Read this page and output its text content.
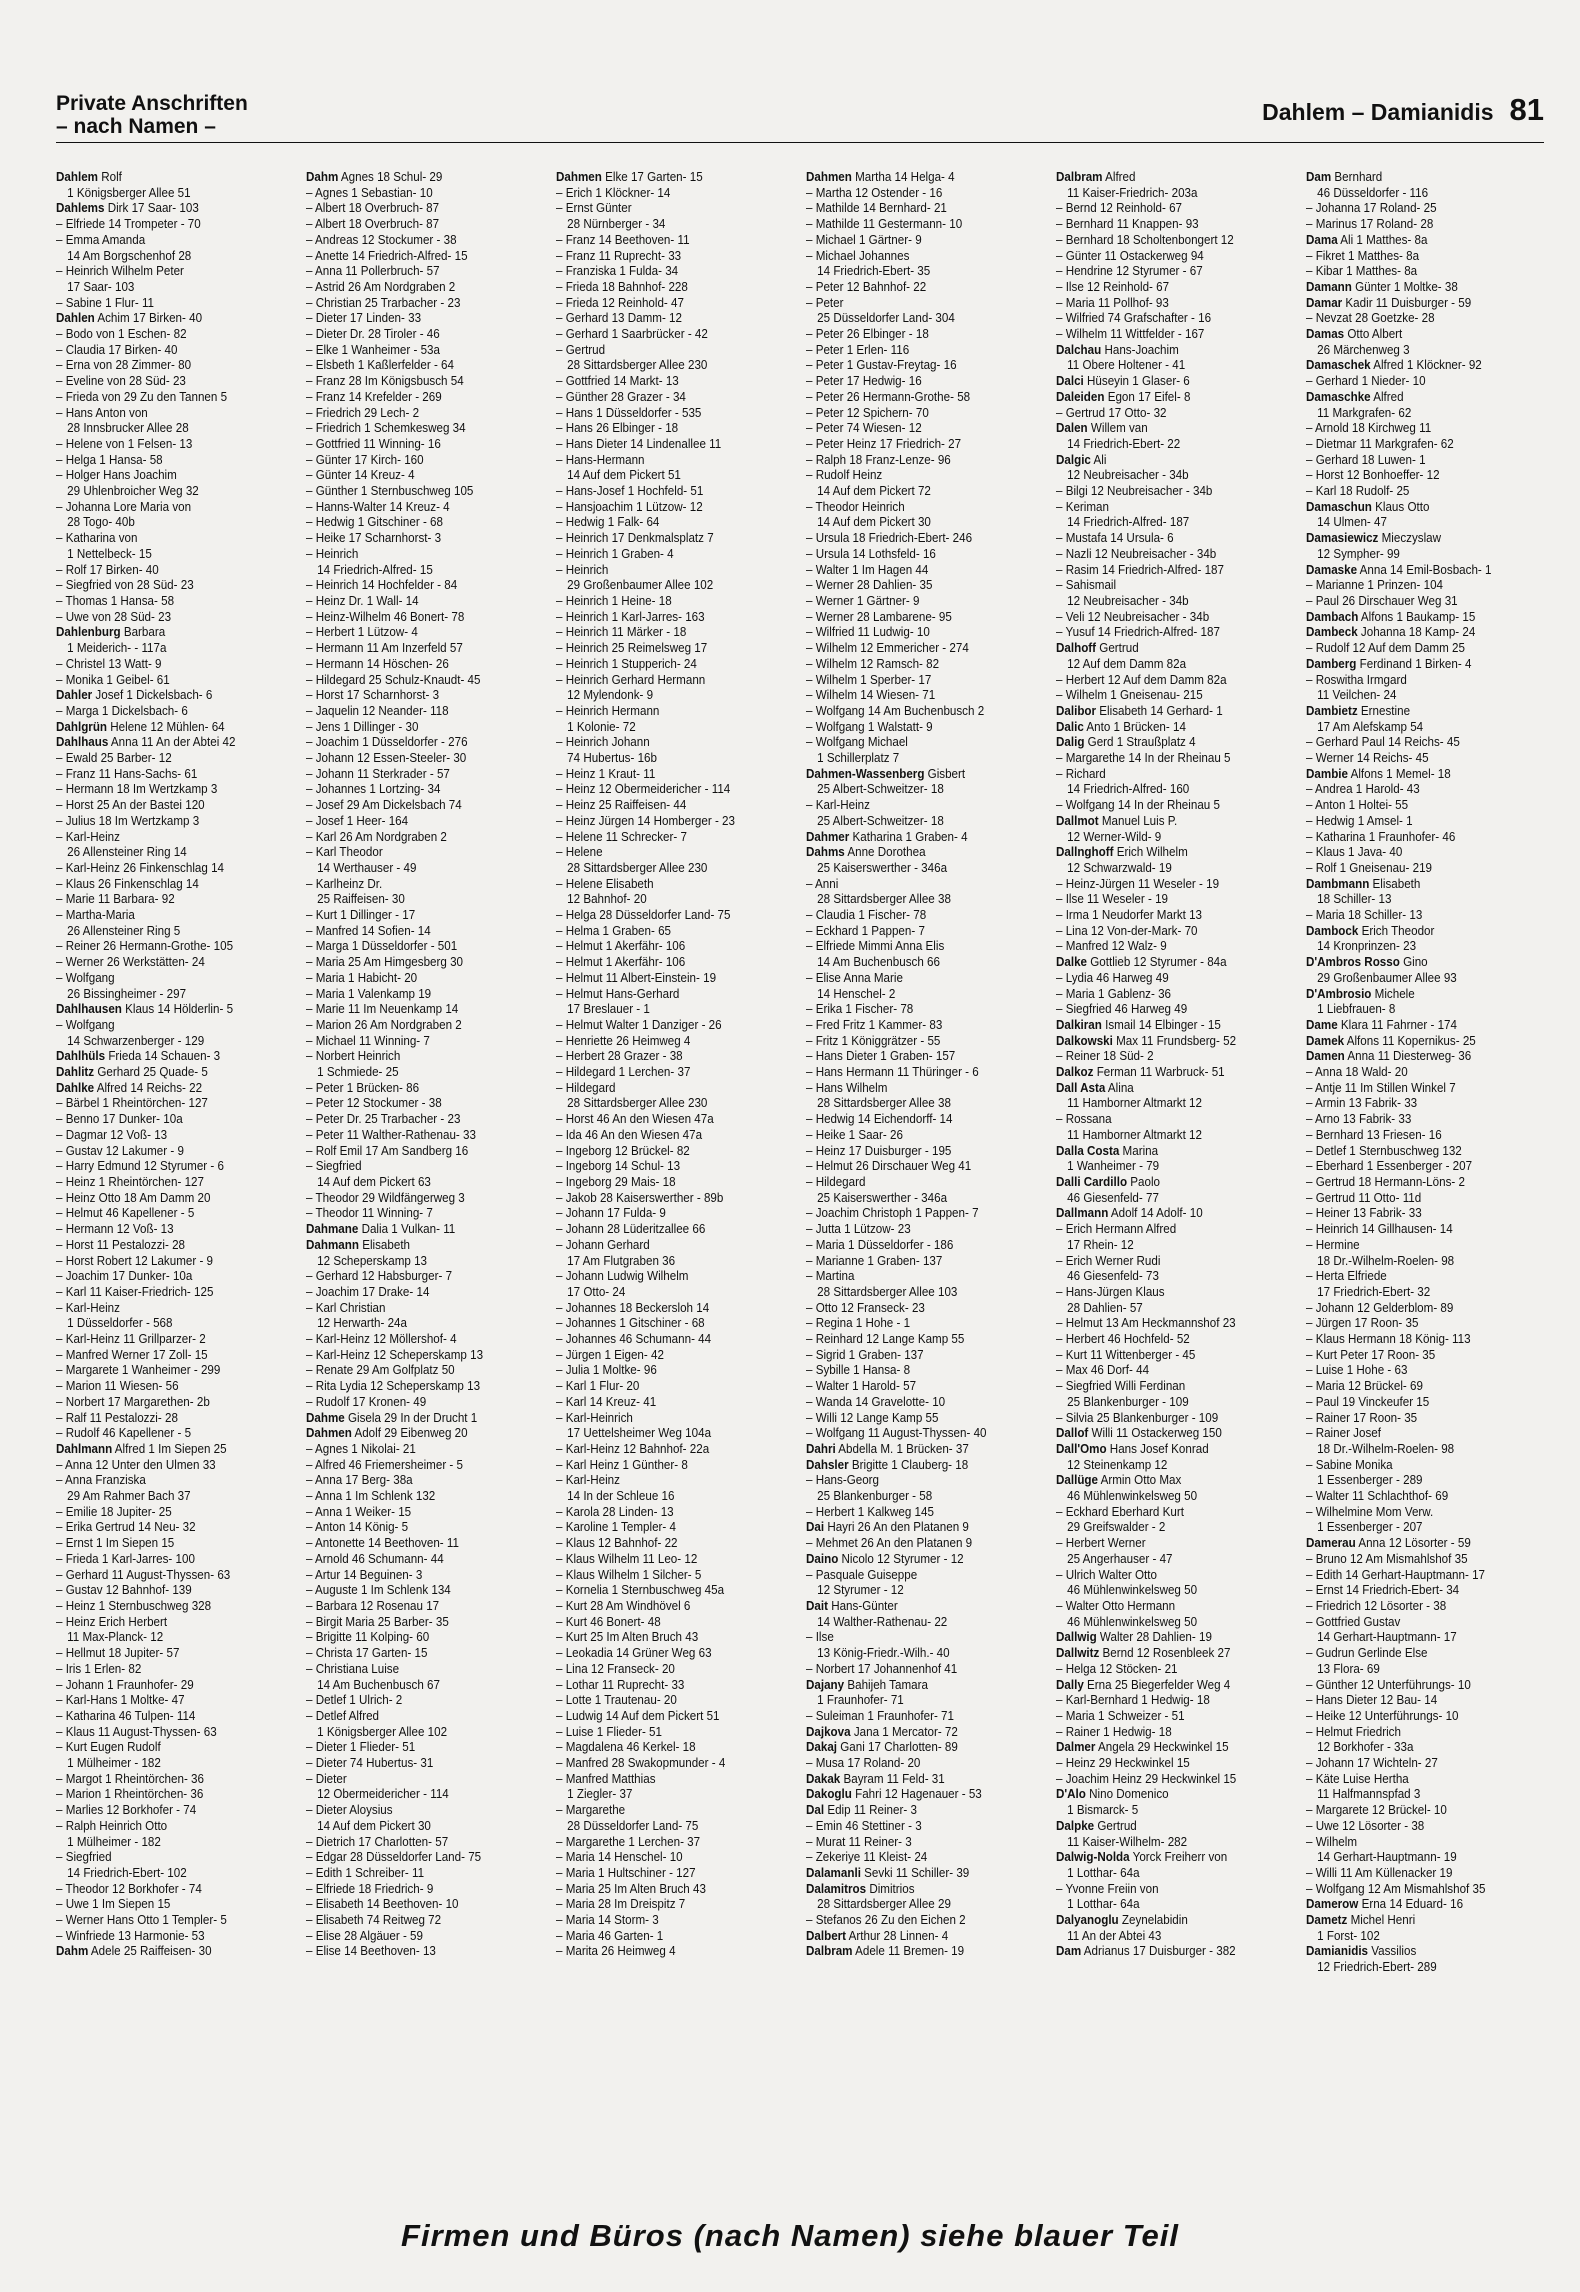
Private Anschriften
– nach Namen –
Dahlem – Damianidis 81
Dahlem Rolf
1 Königsberger Allee 51
Dahlems Dirk 17 Saar- 103
– Elfriede 14 Trompeter - 70
– Emma Amanda
14 Am Borgschenhof 28
– Heinrich Wilhelm Peter
17 Saar- 103
– Sabine 1 Flur- 11
Dahlen Achim 17 Birken- 40
– Bodo von 1 Eschen- 82
– Claudia 17 Birken- 40
– Erna von 28 Zimmer- 80
– Eveline von 28 Süd- 23
– Frieda von 29 Zu den Tannen 5
– Hans Anton von
28 Innsbrucker Allee 28
– Helene von 1 Felsen- 13
– Helga 1 Hansa- 58
– Holger Hans Joachim
29 Uhlenbroicher Weg 32
– Johanna Lore Maria von
28 Togo- 40b
– Katharina von
1 Nettelbeck- 15
– Rolf 17 Birken- 40
– Siegfried von 28 Süd- 23
– Thomas 1 Hansa- 58
– Uwe von 28 Süd- 23
Dahlenburg Barbara
1 Meiderich- - 117a
– Christel 13 Watt- 9
– Monika 1 Geibel- 61
Dahler Josef 1 Dickelsbach- 6
– Marga 1 Dickelsbach- 6
Dahlgrün Helene 12 Mühlen- 64
Dahlhaus Anna 11 An der Abtei 42
– Ewald 25 Barber- 12
– Franz 11 Hans-Sachs- 61
– Hermann 18 Im Wertzkamp 3
– Horst 25 An der Bastei 120
– Julius 18 Im Wertzkamp 3
– Karl-Heinz
26 Allensteiner Ring 14
– Karl-Heinz 26 Finkenschlag 14
– Klaus 26 Finkenschlag 14
– Marie 11 Barbara- 92
– Martha-Maria
26 Allensteiner Ring 5
– Reiner 26 Hermann-Grothe- 105
– Werner 26 Werkstätten- 24
– Wolfgang
26 Bissingheimer - 297
Dahlhausen Klaus 14 Hölderlin- 5
– Wolfgang
14 Schwarzenberger - 129
Dahlhüls Frieda 14 Schauen- 3
Dahlitz Gerhard 25 Quade- 5
Dahlke Alfred 14 Reichs- 22
– Bärbel 1 Rheintörchen- 127
– Benno 17 Dunker- 10a
– Dagmar 12 Voß- 13
– Gustav 12 Lakumer - 9
– Harry Edmund 12 Styrumer - 6
– Heinz 1 Rheintörchen- 127
– Heinz Otto 18 Am Damm 20
– Helmut 46 Kapellener - 5
– Hermann 12 Voß- 13
– Horst 11 Pestalozzi- 28
– Horst Robert 12 Lakumer - 9
– Joachim 17 Dunker- 10a
– Karl 11 Kaiser-Friedrich- 125
– Karl-Heinz
1 Düsseldorfer - 568
– Karl-Heinz 11 Grillparzer- 2
– Manfred Werner 17 Zoll- 15
– Margarete 1 Wanheimer - 299
– Marion 11 Wiesen- 56
– Norbert 17 Margarethen- 2b
– Ralf 11 Pestalozzi- 28
– Rudolf 46 Kapellener - 5
Dahlmann Alfred 1 Im Siepen 25
– Anna 12 Unter den Ulmen 33
– Anna Franziska
29 Am Rahmer Bach 37
– Emilie 18 Jupiter- 25
– Erika Gertrud 14 Neu- 32
– Ernst 1 Im Siepen 15
– Frieda 1 Karl-Jarres- 100
– Gerhard 11 August-Thyssen- 63
– Gustav 12 Bahnhof- 139
– Heinz 1 Sternbuschweg 328
– Heinz Erich Herbert
11 Max-Planck- 12
– Hellmut 18 Jupiter- 57
– Iris 1 Erlen- 82
– Johann 1 Fraunhofer- 29
– Karl-Hans 1 Moltke- 47
– Katharina 46 Tulpen- 114
– Klaus 11 August-Thyssen- 63
– Kurt Eugen Rudolf
1 Mülheimer - 182
– Margot 1 Rheintörchen- 36
– Marion 1 Rheintörchen- 36
– Marlies 12 Borkhofer - 74
– Ralph Heinrich Otto
1 Mülheimer - 182
– Siegfried
14 Friedrich-Ebert- 102
– Theodor 12 Borkhofer - 74
– Uwe 1 Im Siepen 15
– Werner Hans Otto 1 Templer- 5
– Winfriede 13 Harmonie- 53
Dahm Adele 25 Raiffeisen- 30
Dahm Agnes 18 Schul- 29
– Agnes 1 Sebastian- 10
– Albert 18 Overbruch- 87
– Albert 18 Overbruch- 87
– Andreas 12 Stockumer - 38
– Anette 14 Friedrich-Alfred- 15
– Anna 11 Pollerbruch- 57
– Astrid 26 Am Nordgraben 2
– Christian 25 Trarbacher - 23
– Dieter 17 Linden- 33
– Dieter Dr. 28 Tiroler - 46
– Elke 1 Wanheimer - 53a
– Elsbeth 1 Kaßlerfelder - 64
– Franz 28 Im Königsbusch 54
– Franz 14 Krefelder - 269
– Friedrich 29 Lech- 2
– Friedrich 1 Schemkesweg 34
– Gottfried 11 Winning- 16
– Günter 17 Kirch- 160
– Günter 14 Kreuz- 4
– Günther 1 Sternbuschweg 105
– Hanns-Walter 14 Kreuz- 4
– Hedwig 1 Gitschiner - 68
– Heike 17 Scharnhorst- 3
– Heinrich
14 Friedrich-Alfred- 15
– Heinrich 14 Hochfelder - 84
– Heinz Dr. 1 Wall- 14
– Heinz-Wilhelm 46 Bonert- 78
– Herbert 1 Lützow- 4
– Hermann 11 Am Inzerfeld 57
– Hermann 14 Höschen- 26
– Hildegard 25 Schulz-Knaudt- 45
– Horst 17 Scharnhorst- 3
– Jaquelin 12 Neander- 118
– Jens 1 Dillinger - 30
– Joachim 1 Düsseldorfer - 276
– Johann 12 Essen-Steeler- 30
– Johann 11 Sterkrader - 57
– Johannes 1 Lortzing- 34
– Josef 29 Am Dickelsbach 74
– Josef 1 Heer- 164
– Karl 26 Am Nordgraben 2
– Karl Theodor
14 Werthauser - 49
– Karlheinz Dr.
25 Raiffeisen- 30
– Kurt 1 Dillinger - 17
– Manfred 14 Sofien- 14
– Marga 1 Düsseldorfer - 501
– Maria 25 Am Himgesberg 30
– Maria 1 Habicht- 20
– Maria 1 Valenkamp 19
– Marie 11 Im Neuenkamp 14
– Marion 26 Am Nordgraben 2
– Michael 11 Winning- 7
– Norbert Heinrich
1 Schmiede- 25
– Peter 1 Brücken- 86
– Peter 12 Stockumer - 38
– Peter Dr. 25 Trarbacher - 23
– Peter 11 Walther-Rathenau- 33
– Rolf Emil 17 Am Sandberg 16
– Siegfried
14 Auf dem Pickert 63
– Theodor 29 Wildfängerweg 3
– Theodor 11 Winning- 7
Dahmane Dalia 1 Vulkan- 11
Dahmann Elisabeth
12 Scheperskamp 13
– Gerhard 12 Habsburger- 7
– Joachim 17 Drake- 14
– Karl Christian
12 Herwarth- 24a
– Karl-Heinz 12 Möllershof- 4
– Karl-Heinz 12 Scheperskamp 13
– Renate 29 Am Golfplatz 50
– Rita Lydia 12 Scheperskamp 13
– Rudolf 17 Kronen- 49
Dahme Gisela 29 In der Drucht 1
Dahmen Adolf 29 Eibenweg 20
– Agnes 1 Nikolai- 21
– Alfred 46 Friemersheimer - 5
– Anna 17 Berg- 38a
– Anna 1 Im Schlenk 132
– Anna 1 Weiker- 15
– Anton 14 König- 5
– Antonette 14 Beethoven- 11
– Arnold 46 Schumann- 44
– Artur 14 Beguinen- 3
– Auguste 1 Im Schlenk 134
– Barbara 12 Rosenau 17
– Birgit Maria 25 Barber- 35
– Brigitte 11 Kolping- 60
– Christa 17 Garten- 15
– Christiana Luise
14 Am Buchenbusch 67
– Detlef 1 Ulrich- 2
– Detlef Alfred
1 Königsberger Allee 102
– Dieter 1 Flieder- 51
– Dieter 74 Hubertus- 31
– Dieter
12 Obermeidericher - 114
– Dieter Aloysius
14 Auf dem Pickert 30
– Dietrich 17 Charlotten- 57
– Edgar 28 Düsseldorfer Land- 75
– Edith 1 Schreiber- 11
– Elfriede 18 Friedrich- 9
– Elisabeth 14 Beethoven- 10
– Elisabeth 74 Reitweg 72
– Elise 28 Algäuer - 59
– Elise 14 Beethoven- 13
Dahmen Elke 17 Garten- 15
– Erich 1 Klöckner- 14
– Ernst Günter
28 Nürnberger - 34
– Franz 14 Beethoven- 11
– Franz 11 Ruprecht- 33
– Franziska 1 Fulda- 34
– Frieda 18 Bahnhof- 228
– Frieda 12 Reinhold- 47
– Gerhard 13 Damm- 12
– Gerhard 1 Saarbrücker - 42
– Gertrud
28 Sittardsberger Allee 230
– Gottfried 14 Markt- 13
– Günther 28 Grazer - 34
– Hans 1 Düsseldorfer - 535
– Hans 26 Elbinger - 18
– Hans Dieter 14 Lindenallee 11
– Hans-Hermann
14 Auf dem Pickert 51
– Hans-Josef 1 Hochfeld- 51
– Hansjoachim 1 Lützow- 12
– Hedwig 1 Falk- 64
– Heinrich 17 Denkmalsplatz 7
– Heinrich 1 Graben- 4
– Heinrich
29 Großenbaumer Allee 102
– Heinrich 1 Heine- 18
– Heinrich 1 Karl-Jarres- 163
– Heinrich 11 Märker - 18
– Heinrich 25 Reimelsweg 17
– Heinrich 1 Stupperich- 24
– Heinrich Gerhard Hermann
12 Mylendonk- 9
– Heinrich Hermann
1 Kolonie- 72
– Heinrich Johann
74 Hubertus- 16b
– Heinz 1 Kraut- 11
– Heinz 12 Obermeidericher - 114
– Heinz 25 Raiffeisen- 44
– Heinz Jürgen 14 Homberger - 23
– Helene 11 Schrecker- 7
– Helene
28 Sittardsberger Allee 230
– Helene Elisabeth
12 Bahnhof- 20
– Helga 28 Düsseldorfer Land- 75
– Helma 1 Graben- 65
– Helmut 1 Akerfähr- 106
– Helmut 1 Akerfähr- 106
– Helmut 11 Albert-Einstein- 19
– Helmut Hans-Gerhard
17 Breslauer - 1
– Helmut Walter 1 Danziger - 26
– Henriette 26 Heimweg 4
– Herbert 28 Grazer - 38
– Hildegard 1 Lerchen- 37
– Hildegard
28 Sittardsberger Allee 230
– Horst 46 An den Wiesen 47a
– Ida 46 An den Wiesen 47a
– Ingeborg 12 Brückel- 82
– Ingeborg 14 Schul- 13
– Ingeborg 29 Mais- 18
– Jakob 28 Kaiserswerther - 89b
– Johann 17 Fulda- 9
– Johann 28 Lüderitzallee 66
– Johann Gerhard
17 Am Flutgraben 36
– Johann Ludwig Wilhelm
17 Otto- 24
– Johannes 18 Beckersloh 14
– Johannes 1 Gitschiner - 68
– Johannes 46 Schumann- 44
– Jürgen 1 Eigen- 42
– Julia 1 Moltke- 96
– Karl 1 Flur- 20
– Karl 14 Kreuz- 41
– Karl-Heinrich
17 Uettelsheimer Weg 104a
– Karl-Heinz 12 Bahnhof- 22a
– Karl Heinz 1 Günther- 8
– Karl-Heinz
14 In der Schleue 16
– Karola 28 Linden- 13
– Karoline 1 Templer- 4
– Klaus 12 Bahnhof- 22
– Klaus Wilhelm 11 Leo- 12
– Klaus Wilhelm 1 Silcher- 5
– Kornelia 1 Sternbuschweg 45a
– Kurt 28 Am Windhövel 6
– Kurt 46 Bonert- 48
– Kurt 25 Im Alten Bruch 43
– Leokadia 14 Grüner Weg 63
– Lina 12 Franseck- 20
– Lothar 11 Ruprecht- 33
– Lotte 1 Trautenau- 20
– Ludwig 14 Auf dem Pickert 51
– Luise 1 Flieder- 51
– Magdalena 46 Kerkel- 18
– Manfred 28 Swakopmunder - 4
– Manfred Matthias
1 Ziegler- 37
– Margarethe
28 Düsseldorfer Land- 75
– Margarethe 1 Lerchen- 37
– Maria 14 Henschel- 10
– Maria 1 Hultschiner - 127
– Maria 25 Im Alten Bruch 43
– Maria 28 Im Dreispitz 7
– Maria 14 Storm- 3
– Maria 46 Garten- 1
– Marita 26 Heimweg 4
Dahmen Martha 14 Helga- 4
– Martha 12 Ostender - 16
– Mathilde 14 Bernhard- 21
– Mathilde 11 Gestermann- 10
– Michael 1 Gärtner- 9
– Michael Johannes
14 Friedrich-Ebert- 35
– Peter 12 Bahnhof- 22
– Peter
25 Düsseldorfer Land- 304
– Peter 26 Elbinger - 18
– Peter 1 Erlen- 116
– Peter 1 Gustav-Freytag- 16
– Peter 17 Hedwig- 16
– Peter 26 Hermann-Grothe- 58
– Peter 12 Spichern- 70
– Peter 74 Wiesen- 12
– Peter Heinz 17 Friedrich- 27
– Ralph 18 Franz-Lenze- 96
– Rudolf Heinz
14 Auf dem Pickert 72
– Theodor Heinrich
14 Auf dem Pickert 30
– Ursula 18 Friedrich-Ebert- 246
– Ursula 14 Lothsfeld- 16
– Walter 1 Im Hagen 44
– Werner 28 Dahlien- 35
– Werner 1 Gärtner- 9
– Werner 28 Lambarene- 95
– Wilfried 11 Ludwig- 10
– Wilhelm 12 Emmericher - 274
– Wilhelm 12 Ramsch- 82
– Wilhelm 1 Sperber- 17
– Wilhelm 14 Wiesen- 71
– Wolfgang 14 Am Buchenbusch 2
– Wolfgang 1 Walstatt- 9
– Wolfgang Michael
1 Schillerplatz 7
Dahmen-Wassenberg Gisbert
25 Albert-Schweitzer- 18
– Karl-Heinz
25 Albert-Schweitzer- 18
Dahmer Katharina 1 Graben- 4
Dahms Anne Dorothea
25 Kaiserswerther - 346a
– Anni
28 Sittardsberger Allee 38
– Claudia 1 Fischer- 78
– Eckhard 1 Pappen- 7
– Elfriede Mimmi Anna Elis
14 Am Buchenbusch 66
– Elise Anna Marie
14 Henschel- 2
– Erika 1 Fischer- 78
– Fred Fritz 1 Kammer- 83
– Fritz 1 Königgrätzer - 55
– Hans Dieter 1 Graben- 157
– Hans Hermann 11 Thüringer - 6
– Hans Wilhelm
28 Sittardsberger Allee 38
– Hedwig 14 Eichendorff- 14
– Heike 1 Saar- 26
– Heinz 17 Duisburger - 195
– Helmut 26 Dirschauer Weg 41
– Hildegard
25 Kaiserswerther - 346a
– Joachim Christoph 1 Pappen- 7
– Jutta 1 Lützow- 23
– Maria 1 Düsseldorfer - 186
– Marianne 1 Graben- 137
– Martina
28 Sittardsberger Allee 103
– Otto 12 Franseck- 23
– Regina 1 Hohe - 1
– Reinhard 12 Lange Kamp 55
– Sigrid 1 Graben- 137
– Sybille 1 Hansa- 8
– Walter 1 Harold- 57
– Wanda 14 Gravelotte- 10
– Willi 12 Lange Kamp 55
– Wolfgang 11 August-Thyssen- 40
Dahri Abdella M. 1 Brücken- 37
Dahsler Brigitte 1 Clauberg- 18
– Hans-Georg
25 Blankenburger - 58
– Herbert 1 Kalkweg 145
Dai Hayri 26 An den Platanen 9
– Mehmet 26 An den Platanen 9
Daino Nicolo 12 Styrumer - 12
– Pasquale Guiseppe
12 Styrumer - 12
Dait Hans-Günter
14 Walther-Rathenau- 22
– Ilse
13 König-Friedr.-Wilh.- 40
– Norbert 17 Johannenhof 41
Dajany Bahijeh Tamara
1 Fraunhofer- 71
– Suleiman 1 Fraunhofer- 71
Dajkova Jana 1 Mercator- 72
Dakaj Gani 17 Charlotten- 89
– Musa 17 Roland- 20
Dakak Bayram 11 Feld- 31
Dakoglu Fahri 12 Hagenauer - 53
Dal Edip 11 Reiner- 3
– Emin 46 Stettiner - 3
– Murat 11 Reiner- 3
– Zekeriye 11 Kleist- 24
Dalamanli Sevki 11 Schiller- 39
Dalamitros Dimitrios
28 Sittardsberger Allee 29
– Stefanos 26 Zu den Eichen 2
Dalbert Arthur 28 Linnen- 4
Dalbram Adele 11 Bremen- 19
Dalbram Alfred
11 Kaiser-Friedrich- 203a
– Bernd 12 Reinhold- 67
– Bernhard 11 Knappen- 93
– Bernhard 18 Scholtenbongert 12
– Günter 11 Ostackerweg 94
– Hendrine 12 Styrumer - 67
– Ilse 12 Reinhold- 67
– Maria 11 Pollhof- 93
– Wilfried 74 Grafschafter - 16
– Wilhelm 11 Wittfelder - 167
Dalchau Hans-Joachim
11 Obere Holtener - 41
Dalci Hüseyin 1 Glaser- 6
Daleiden Egon 17 Eifel- 8
– Gertrud 17 Otto- 32
Dalen Willem van
14 Friedrich-Ebert- 22
Dalgic Ali
12 Neubreisacher - 34b
– Bilgi 12 Neubreisacher - 34b
– Keriman
14 Friedrich-Alfred- 187
– Mustafa 14 Ursula- 6
– Nazli 12 Neubreisacher - 34b
– Rasim 14 Friedrich-Alfred- 187
– Sahismail
12 Neubreisacher - 34b
– Veli 12 Neubreisacher - 34b
– Yusuf 14 Friedrich-Alfred- 187
Dalhoff Gertrud
12 Auf dem Damm 82a
– Herbert 12 Auf dem Damm 82a
– Wilhelm 1 Gneisenau- 215
Dalibor Elisabeth 14 Gerhard- 1
Dalic Anto 1 Brücken- 14
Dalig Gerd 1 Straußplatz 4
– Margarethe 14 In der Rheinau 5
– Richard
14 Friedrich-Alfred- 160
– Wolfgang 14 In der Rheinau 5
Dallmot Manuel Luis P.
12 Werner-Wild- 9
Dallnghoff Erich Wilhelm
12 Schwarzwald- 19
– Heinz-Jürgen 11 Weseler - 19
– Ilse 11 Weseler - 19
– Irma 1 Neudorfer Markt 13
– Lina 12 Von-der-Mark- 70
– Manfred 12 Walz- 9
Dalke Gottlieb 12 Styrumer - 84a
– Lydia 46 Harweg 49
– Maria 1 Gablenz- 36
– Siegfried 46 Harweg 49
Dalkiran Ismail 14 Elbinger - 15
Dalkowski Max 11 Frundsberg- 52
– Reiner 18 Süd- 2
Dalkoz Ferman 11 Warbruck- 51
Dall Asta Alina
11 Hamborner Altmarkt 12
– Rossana
11 Hamborner Altmarkt 12
Dalla Costa Marina
1 Wanheimer - 79
Dalli Cardillo Paolo
46 Giesenfeld- 77
Dallmann Adolf 14 Adolf- 10
– Erich Hermann Alfred
17 Rhein- 12
– Erich Werner Rudi
46 Giesenfeld- 73
– Hans-Jürgen Klaus
28 Dahlien- 57
– Helmut 13 Am Heckmannshof 23
– Herbert 46 Hochfeld- 52
– Kurt 11 Wittenberger - 45
– Max 46 Dorf- 44
– Siegfried Willi Ferdinan
25 Blankenburger - 109
– Silvia 25 Blankenburger - 109
Dallof Willi 11 Ostackerweg 150
Dall'Omo Hans Josef Konrad
12 Steinenkamp 12
Dallüge Armin Otto Max
46 Mühlenwinkelsweg 50
– Eckhard Eberhard Kurt
29 Greifswalder - 2
– Herbert Werner
25 Angerhauser - 47
– Ulrich Walter Otto
46 Mühlenwinkelsweg 50
– Walter Otto Hermann
46 Mühlenwinkelsweg 50
Dallwig Walter 28 Dahlien- 19
Dallwitz Bernd 12 Rosenbleek 27
– Helga 12 Stöcken- 21
Dally Erna 25 Biegerfelder Weg 4
– Karl-Bernhard 1 Hedwig- 18
– Maria 1 Schweizer - 51
– Rainer 1 Hedwig- 18
Dalmer Angela 29 Heckwinkel 15
– Heinz 29 Heckwinkel 15
– Joachim Heinz 29 Heckwinkel 15
D'Alo Nino Domenico
1 Bismarck- 5
Dalpke Gertrud
11 Kaiser-Wilhelm- 282
Dalwig-Nolda Yorck Freiherr von
1 Lotthar- 64a
– Yvonne Freiin von
1 Lotthar- 64a
Dalyanoglu Zeynelabidin
11 An der Abtei 43
Dam Adrianus 17 Duisburger - 382
Dam Bernhard
46 Düsseldorfer - 116
– Johanna 17 Roland- 25
– Marinus 17 Roland- 28
Dama Ali 1 Matthes- 8a
– Fikret 1 Matthes- 8a
– Kibar 1 Matthes- 8a
Damann Günter 1 Moltke- 38
Damar Kadir 11 Duisburger - 59
– Nevzat 28 Goetzke- 28
Damas Otto Albert
26 Märchenweg 3
Damaschek Alfred 1 Klöckner- 92
– Gerhard 1 Nieder- 10
Damaschke Alfred
11 Markgrafen- 62
– Arnold 18 Kirchweg 11
– Dietmar 11 Markgrafen- 62
– Gerhard 18 Luwen- 1
– Horst 12 Bonhoeffer- 12
– Karl 18 Rudolf- 25
Damaschun Klaus Otto
14 Ulmen- 47
Damasiewicz Mieczyslaw
12 Sympher- 99
Damaske Anna 14 Emil-Bosbach- 1
– Marianne 1 Prinzen- 104
– Paul 26 Dirschauer Weg 31
Dambach Alfons 1 Baukamp- 15
Dambeck Johanna 18 Kamp- 24
– Rudolf 12 Auf dem Damm 25
Damberg Ferdinand 1 Birken- 4
– Roswitha Irmgard
11 Veilchen- 24
Dambietz Ernestine
17 Am Alefskamp 54
– Gerhard Paul 14 Reichs- 45
– Werner 14 Reichs- 45
Dambie Alfons 1 Memel- 18
– Andrea 1 Harold- 43
– Anton 1 Holtei- 55
– Hedwig 1 Amsel- 1
– Katharina 1 Fraunhofer- 46
– Klaus 1 Java- 40
– Rolf 1 Gneisenau- 219
Dambmann Elisabeth
18 Schiller- 13
– Maria 18 Schiller- 13
Dambock Erich Theodor
14 Kronprinzen- 23
D'Ambros Rosso Gino
29 Großenbaumer Allee 93
D'Ambrosio Michele
1 Liebfrauen- 8
Dame Klara 11 Fahrner - 174
Damek Alfons 11 Kopernikus- 25
Damen Anna 11 Diesterweg- 36
– Anna 18 Wald- 20
– Antje 11 Im Stillen Winkel 7
– Armin 13 Fabrik- 33
– Arno 13 Fabrik- 33
– Bernhard 13 Friesen- 16
– Detlef 1 Sternbuschweg 132
– Eberhard 1 Essenberger - 207
– Gertrud 18 Hermann-Löns- 2
– Gertrud 11 Otto- 11d
– Heiner 13 Fabrik- 33
– Heinrich 14 Gillhausen- 14
– Hermine
18 Dr.-Wilhelm-Roelen- 98
– Herta Elfriede
17 Friedrich-Ebert- 32
– Johann 12 Gelderblom- 89
– Jürgen 17 Roon- 35
– Klaus Hermann 18 König- 113
– Kurt Peter 17 Roon- 35
– Luise 1 Hohe - 63
– Maria 12 Brückel- 69
– Paul 19 Vinckeufer 15
– Rainer 17 Roon- 35
– Rainer Josef
18 Dr.-Wilhelm-Roelen- 98
– Sabine Monika
1 Essenberger - 289
– Walter 11 Schlachthof- 69
– Wilhelmine Mom Verw.
1 Essenberger - 207
Damerau Anna 12 Lösorter - 59
– Bruno 12 Am Mismahlshof 35
– Edith 14 Gerhart-Hauptmann- 17
– Ernst 14 Friedrich-Ebert- 34
– Friedrich 12 Lösorter - 38
– Gottfried Gustav
14 Gerhart-Hauptmann- 17
– Gudrun Gerlinde Else
13 Flora- 69
– Günther 12 Unterführungs- 10
– Hans Dieter 12 Bau- 14
– Heike 12 Unterführungs- 10
– Helmut Friedrich
12 Borkhofer - 33a
– Johann 17 Wichteln- 27
– Käte Luise Hertha
11 Halfmannspfad 3
– Margarete 12 Brückel- 10
– Uwe 12 Lösorter - 38
– Wilhelm
14 Gerhart-Hauptmann- 19
– Willi 11 Am Küllenacker 19
– Wolfgang 12 Am Mismahlshof 35
Damerow Erna 14 Eduard- 16
Dametz Michel Henri
1 Forst- 102
Damianidis Vassilios
12 Friedrich-Ebert- 289
Firmen und Büros (nach Namen) siehe blauer Teil
